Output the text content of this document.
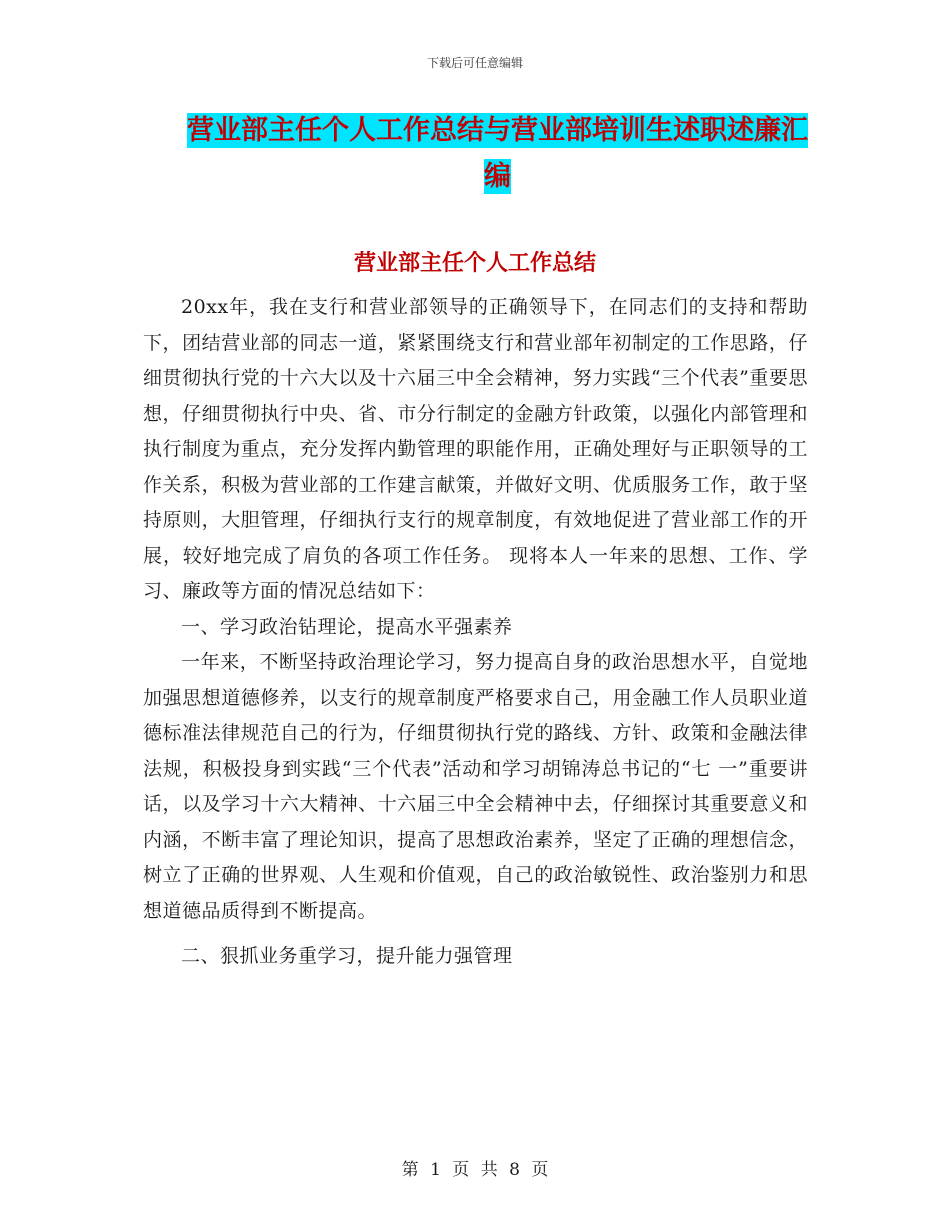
下载后可任意编辑
营业部主任个人工作总结与营业部培训生述职述廉汇编
营业部主任个人工作总结

20xx年，我在支行和营业部领导的正确领导下，在同志们的支持和帮助下，团结营业部的同志一道，紧紧围绕支行和营业部年初制定的工作思路，仔细贯彻执行党的十六大以及十六届三中全会精神，努力实践“三个代表”重要思想，仔细贯彻执行中央、省、市分行制定的金融方针政策，以强化内部管理和执行制度为重点，充分发挥内勤管理的职能作用，正确处理好与正职领导的工作关系，积极为营业部的工作建言献策，并做好文明、优质服务工作，敢于坚持原则，大胆管理，仔细执行支行的规章制度，有效地促进了营业部工作的开展，较好地完成了肩负的各项工作任务。 现将本人一年来的思想、工作、学习、廉政等方面的情况总结如下：

一、学习政治钻理论，提高水平强素养

一年来，不断坚持政治理论学习，努力提高自身的政治思想水平，自觉地加强思想道德修养，以支行的规章制度严格要求自己，用金融工作人员职业道德标准法律规范自己的行为，仔细贯彻执行党的路线、方针、政策和金融法律法规，积极投身到实践“三个代表”活动和学习胡锦涛总书记的“七 一”重要讲话，以及学习十六大精神、十六届三中全会精神中去，仔细探讨其重要意义和内涵，不断丰富了理论知识，提高了思想政治素养，坚定了正确的理想信念，树立了正确的世界观、人生观和价值观，自己的政治敏锐性、政治鉴别力和思想道德品质得到不断提高。

二、狠抓业务重学习，提升能力强管理

第 1 页 共 8 页
